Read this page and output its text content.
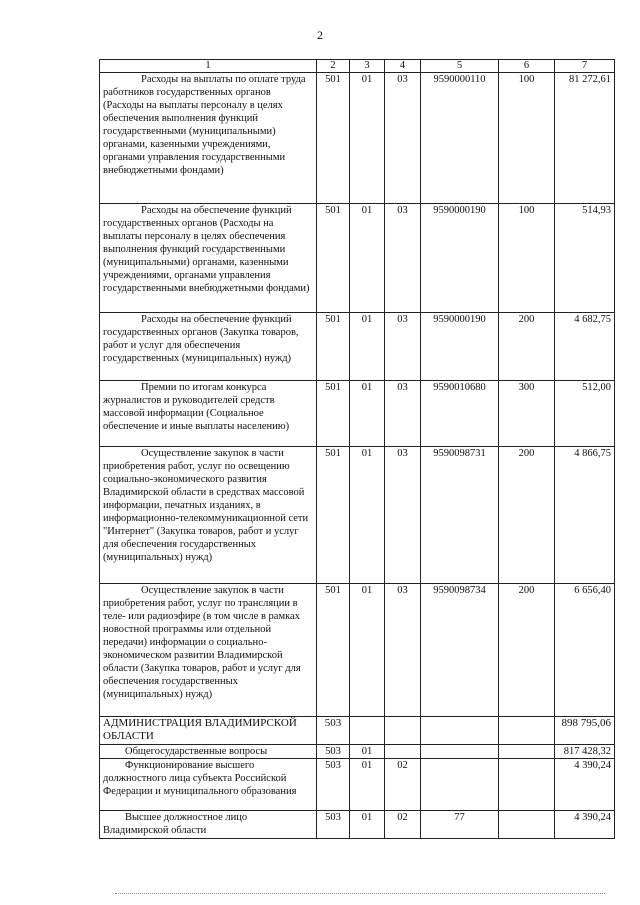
2
1	2	3	4	5	6	7
Расходы на выплаты по оплате труда работников государственных органов (Расходы на выплаты персоналу в целях обеспечения выполнения функций государственными (муниципальными) органами, казенными учреждениями, органами управления государственными внебюджетными фондами)	501	01	03	9590000110	100	81 272,61
Расходы на обеспечение функций государственных органов (Расходы на выплаты персоналу в целях обеспечения выполнения функций государственными (муниципальными) органами, казенными учреждениями, органами управления государственными внебюджетными фондами)	501	01	03	9590000190	100	514,93
Расходы на обеспечение функций государственных органов (Закупка товаров, работ и услуг для обеспечения государственных (муниципальных) нужд)	501	01	03	9590000190	200	4 682,75
Премии по итогам конкурса журналистов и руководителей средств массовой информации (Социальное обеспечение и иные выплаты населению)	501	01	03	9590010680	300	512,00
Осуществление закупок в части приобретения работ, услуг по освещению социально-экономического развития Владимирской области в средствах массовой информации, печатных изданиях, в информационно-телекоммуникационной сети "Интернет" (Закупка товаров, работ и услуг для обеспечения государственных (муниципальных) нужд)	501	01	03	9590098731	200	4 866,75
Осуществление закупок в части приобретения работ, услуг по трансляции в теле- или радиоэфире (в том числе в рамках новостной программы или отдельной передачи) информации о социально-экономическом развитии Владимирской области (Закупка товаров, работ и услуг для обеспечения государственных (муниципальных) нужд)	501	01	03	9590098734	200	6 656,40
АДМИНИСТРАЦИЯ ВЛАДИМИРСКОЙ ОБЛАСТИ	503					898 795,06
Общегосударственные вопросы	503	01				817 428,32
Функционирование высшего должностного лица субъекта Российской Федерации и муниципального образования	503	01	02			4 390,24
Высшее должностное лицо Владимирской области	503	01	02	77		4 390,24
